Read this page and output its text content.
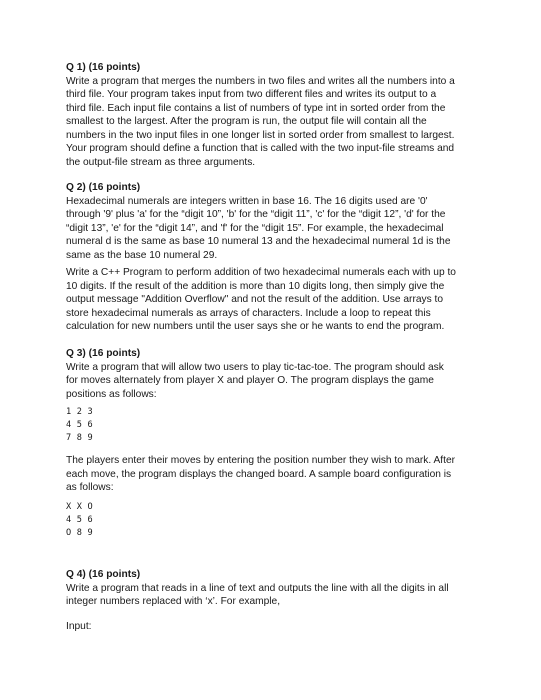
Q 1) (16 points)

Write a program that merges the numbers in two files and writes all the numbers into a

third file. Your program takes input from two different files and writes its output to a

third file. Each input file contains a list of numbers of type int in sorted order from the

smallest to the largest. After the program is run, the output file will contain all the

numbers in the two input files in one longer list in sorted order from smallest to largest.

Your program should define a function that is called with the two input-file streams and

the output-file stream as three arguments.

Q 2) (16 points)

Hexadecimal numerals are integers written in base 16. The 16 digits used are '0'

through '9' plus 'a' for the “digit 10”, 'b' for the “digit 11”, 'c' for the “digit 12”, 'd' for the

“digit 13”, 'e' for the “digit 14”, and 'f' for the “digit 15”. For example, the hexadecimal

numeral d is the same as base 10 numeral 13 and the hexadecimal numeral 1d is the

same as the base 10 numeral 29.

Write a C++ Program to perform addition of two hexadecimal numerals each with up to

10 digits. If the result of the addition is more than 10 digits long, then simply give the

output message "Addition Overflow" and not the result of the addition. Use arrays to

store hexadecimal numerals as arrays of characters. Include a loop to repeat this

calculation for new numbers until the user says she or he wants to end the program.

Q 3) (16 points)

Write a program that will allow two users to play tic-tac-toe. The program should ask

for moves alternately from player X and player O. The program displays the game

positions as follows:

1 2 3

4 5 6

7 8 9

The players enter their moves by entering the position number they wish to mark. After

each move, the program displays the changed board. A sample board configuration is

as follows:

X X O

4 5 6

O 8 9

Q 4) (16 points)

Write a program that reads in a line of text and outputs the line with all the digits in all

integer numbers replaced with ‘x’. For example,

Input:
